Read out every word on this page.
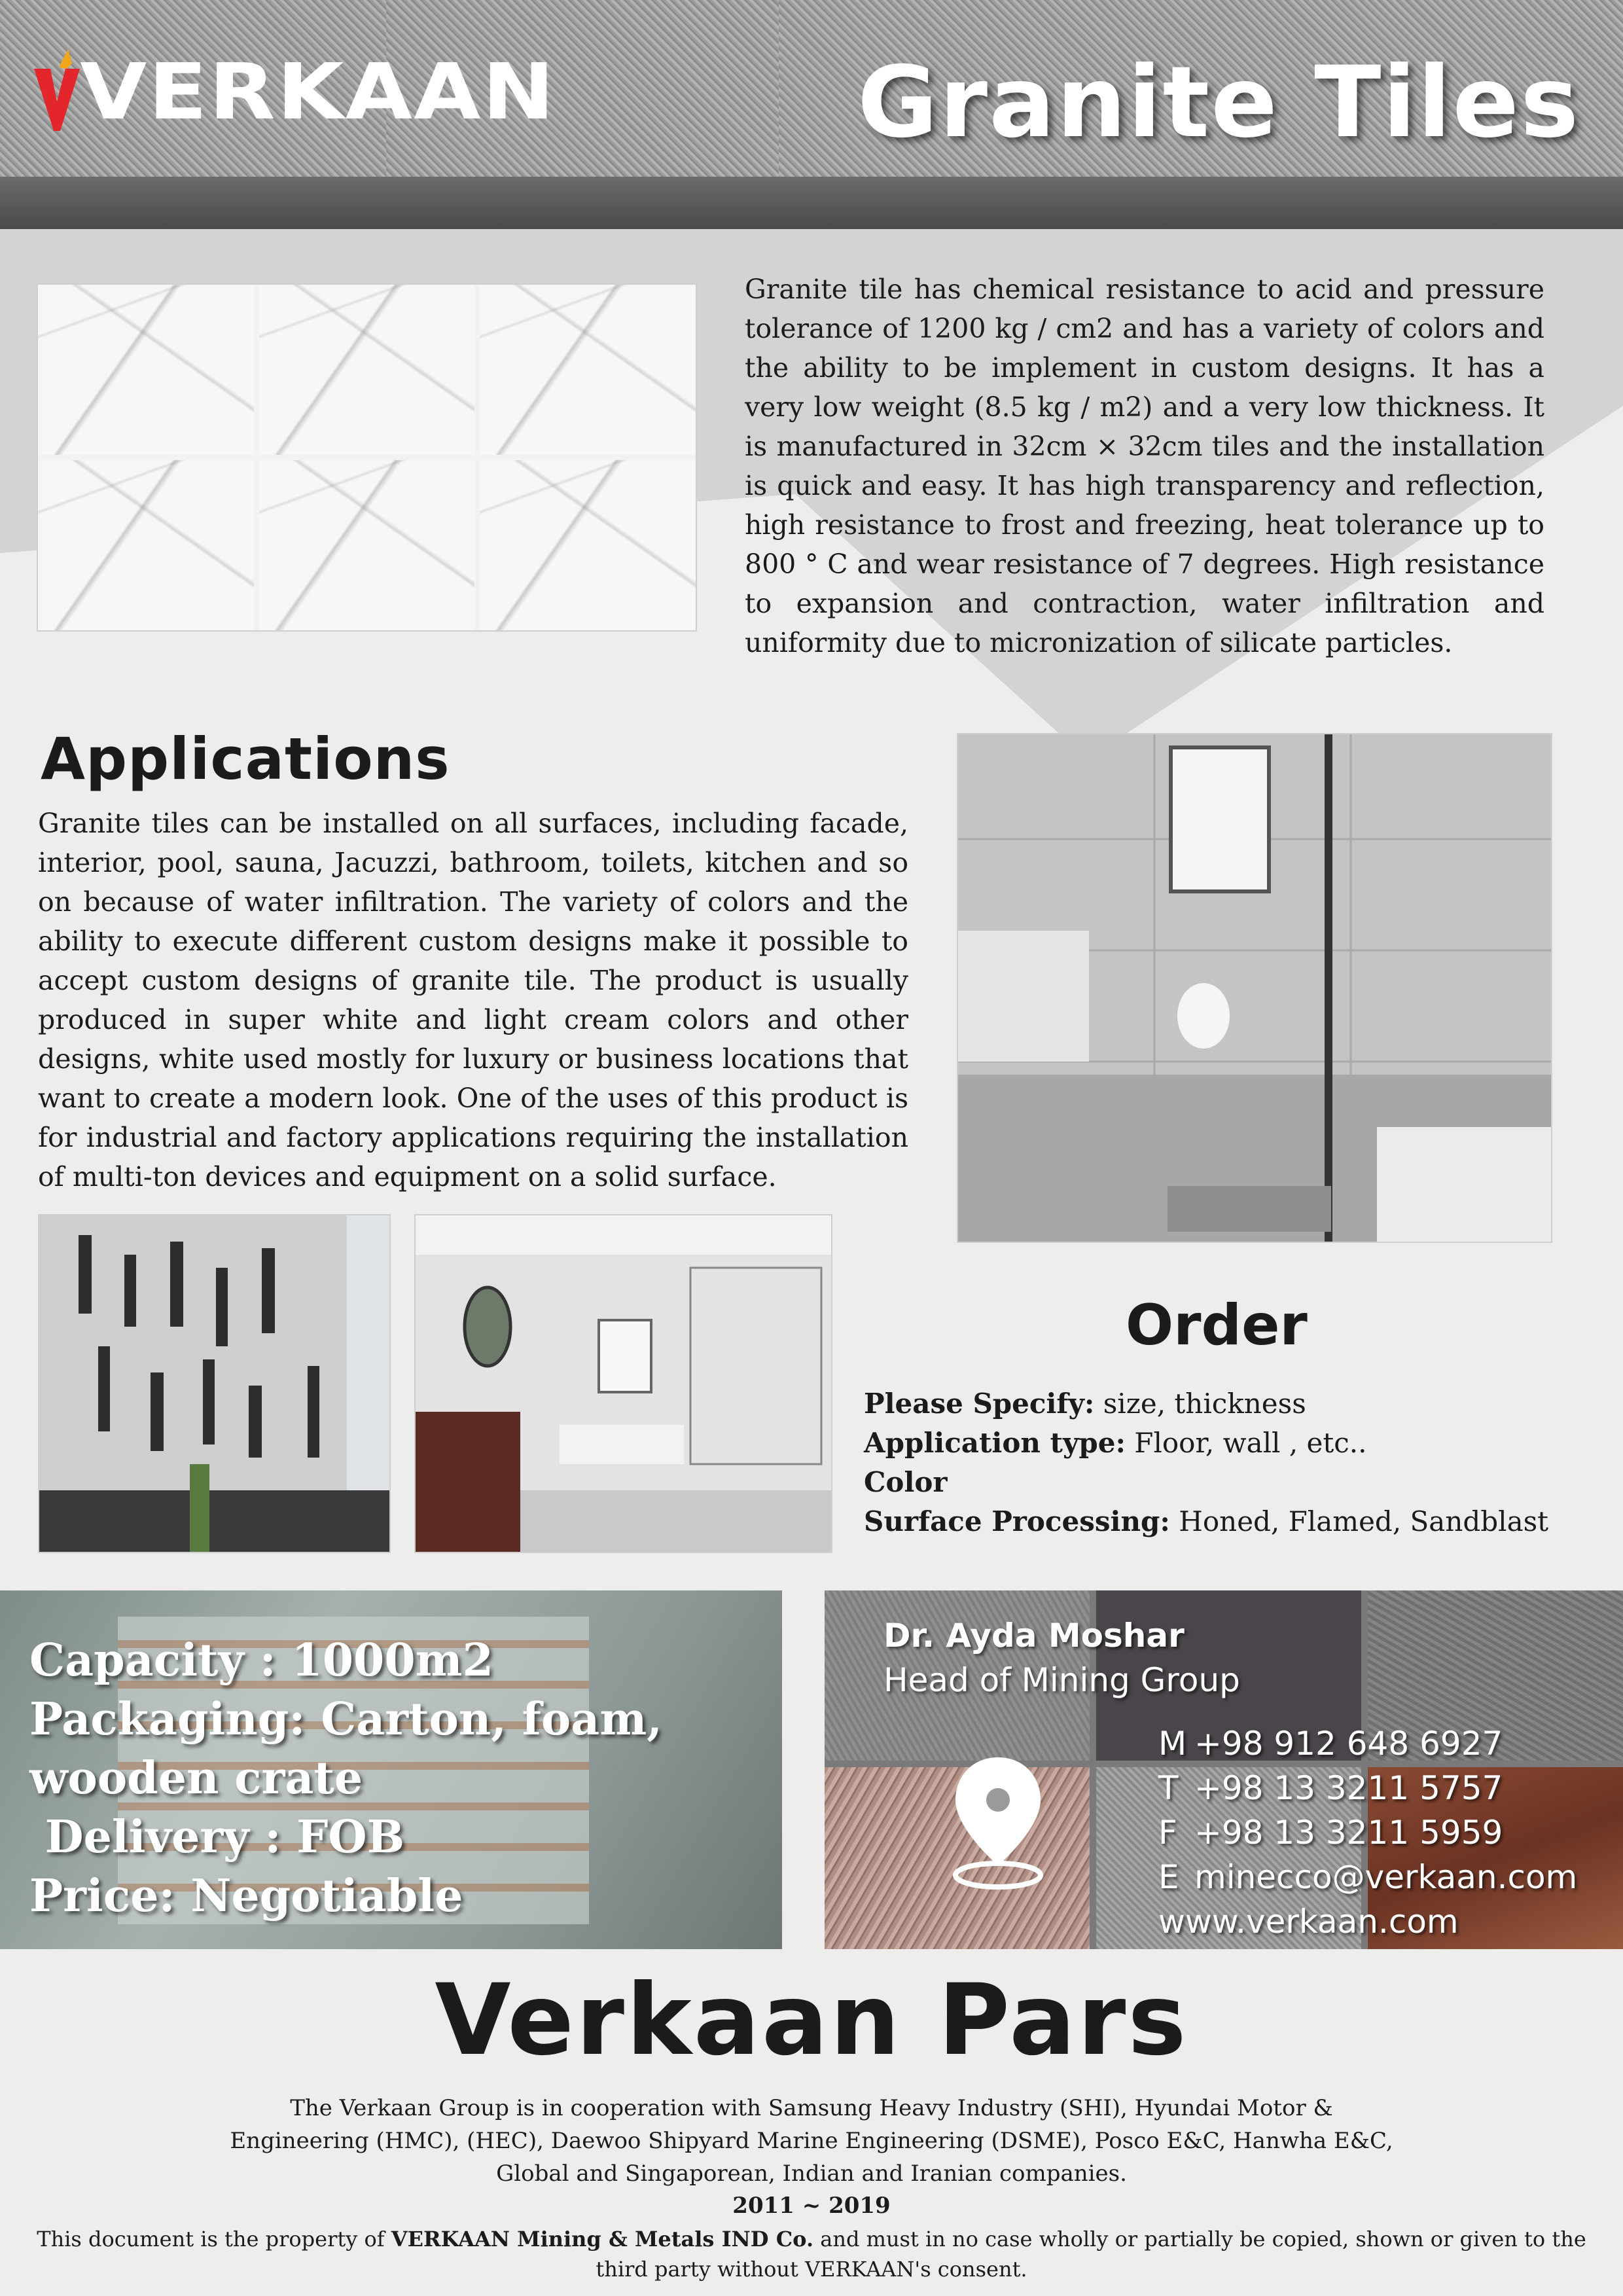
VERKAAN	Granite Tiles
Granite tile has chemical resistance to acid and pressure tolerance of 1200 kg / cm2 and has a variety of colors and the ability to be implement in custom designs. It has a very low weight (8.5 kg / m2) and a very low thickness. It is manufactured in 32cm × 32cm tiles and the installation is quick and easy. It has high transparency and reflection, high resistance to frost and freezing, heat tolerance up to 800 ° C and wear resistance of 7 degrees. High resistance to expansion and contraction, water infiltration and uniformity due to micronization of silicate particles.
Applications
Granite tiles can be installed on all surfaces, including facade, interior, pool, sauna, Jacuzzi, bathroom, toilets, kitchen and so on because of water infiltration. The variety of colors and the ability to execute different custom designs make it possible to accept custom designs of granite tile. The product is usually produced in super white and light cream colors and other designs, white used mostly for luxury or business locations that want to create a modern look. One of the uses of this product is for industrial and factory applications requiring the installation of multi-ton devices and equipment on a solid surface.
Order
Please Specify: size, thickness
Application type: Floor, wall , etc..
Color
Surface Processing: Honed, Flamed, Sandblast
Capacity : 1000m2
Packaging: Carton, foam, wooden crate
Delivery : FOB
Price: Negotiable
Dr. Ayda Moshar
Head of Mining Group
M +98 912 648 6927
T +98 13 3211 5757
F +98 13 3211 5959
E minecco@verkaan.com
www.verkaan.com
Verkaan Pars
The Verkaan Group is in cooperation with Samsung Heavy Industry (SHI), Hyundai Motor & Engineering (HMC), (HEC), Daewoo Shipyard Marine Engineering (DSME), Posco E&C, Hanwha E&C, Global and Singaporean, Indian and Iranian companies.
2011 ~ 2019
This document is the property of VERKAAN Mining & Metals IND Co. and must in no case wholly or partially be copied, shown or given to the third party without VERKAAN's consent.
